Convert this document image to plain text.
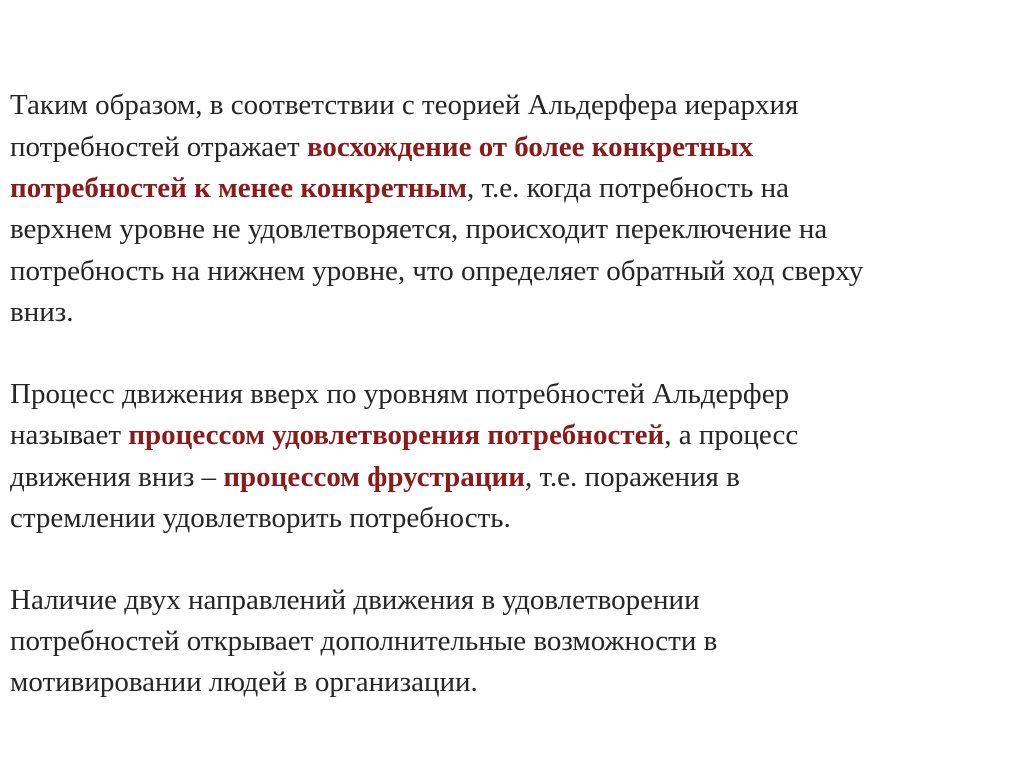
Таким образом, в соответствии с теорией Альдерфера иерархия

потребностей отражает восхождение от более конкретных

потребностей к менее конкретным, т.е. когда потребность на

верхнем уровне не удовлетворяется, происходит переключение на

потребность на нижнем уровне, что определяет обратный ход сверху

вниз.

Процесс движения вверх по уровням потребностей Альдерфер

называет процессом удовлетворения потребностей, а процесс

движения вниз – процессом фрустрации, т.е. поражения в

стремлении удовлетворить потребность.

Наличие двух направлений движения в удовлетворении

потребностей открывает дополнительные возможности в

мотивировании людей в организации.
